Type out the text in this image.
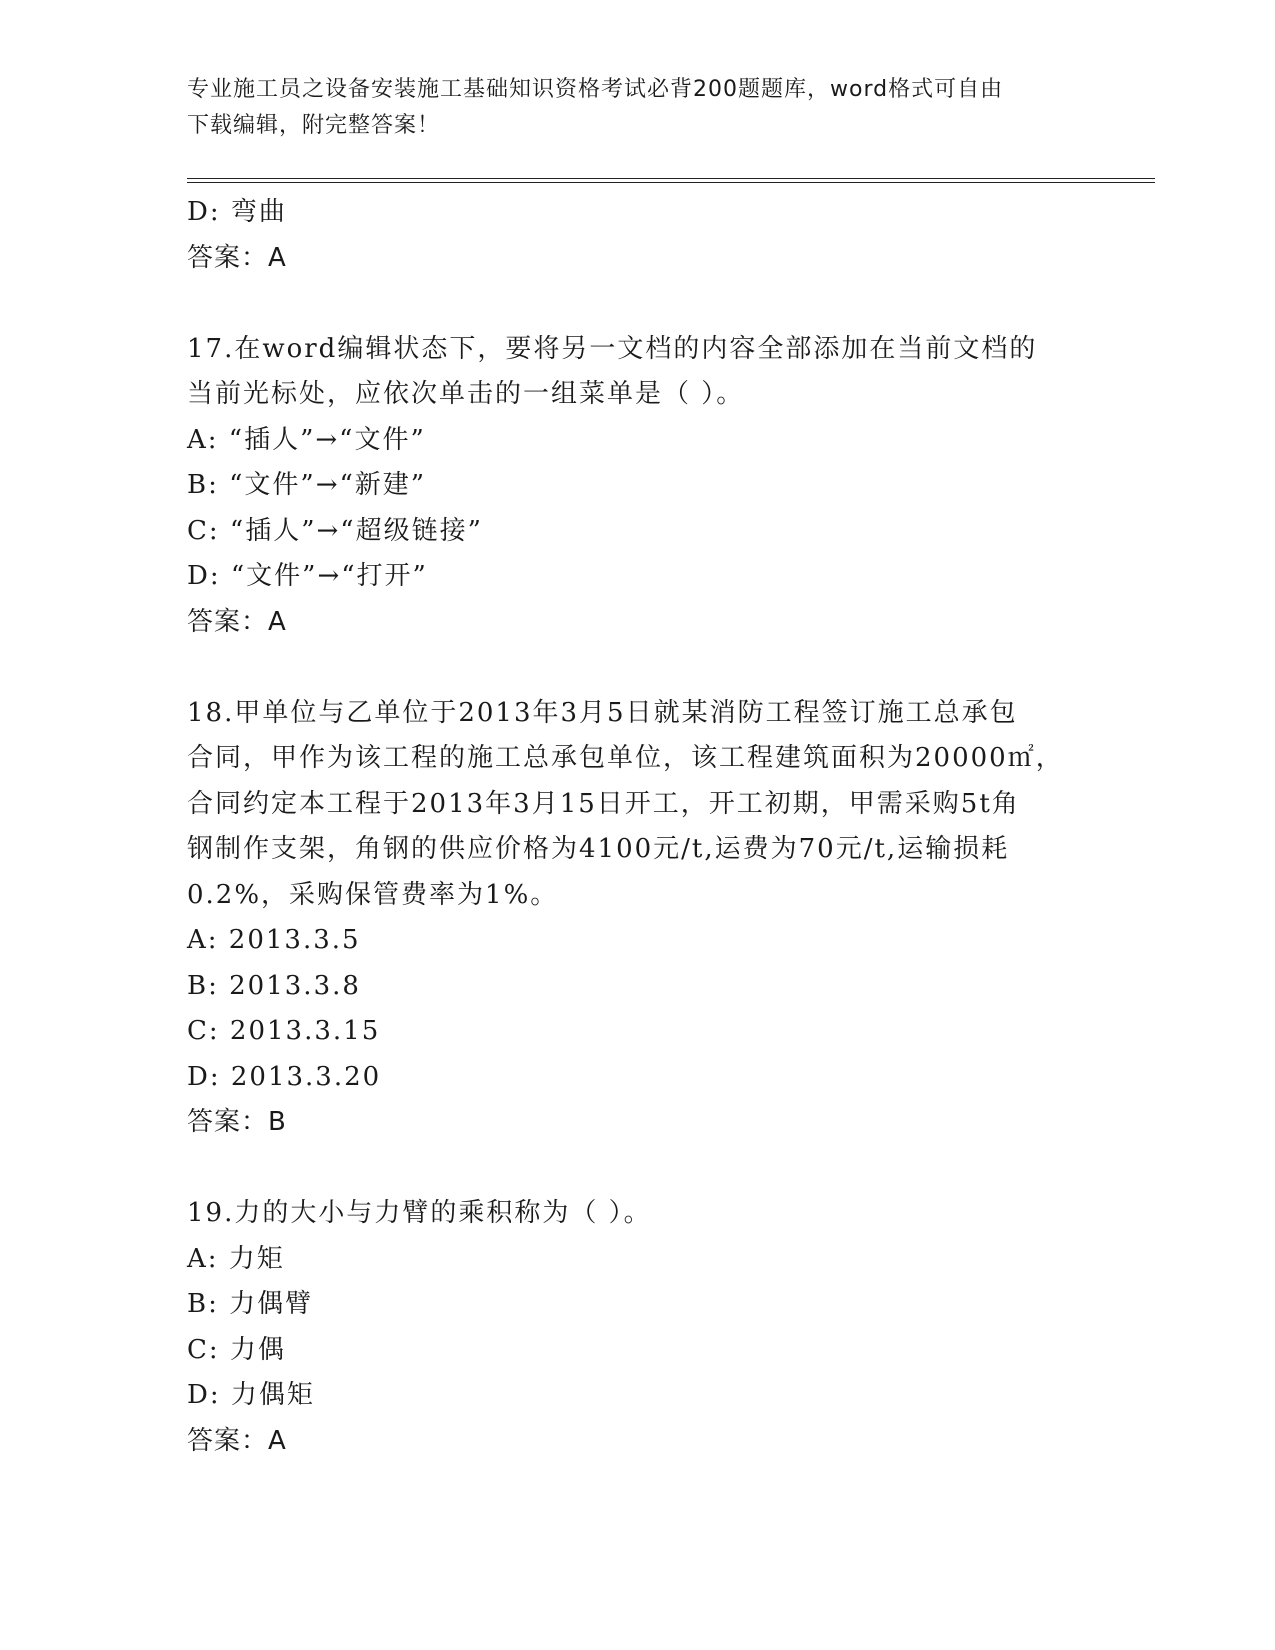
专业施工员之设备安装施工基础知识资格考试必背200题题库，word格式可自由
下载编辑，附完整答案！
D: 弯曲
答案：A
17.在word编辑状态下，要将另一文档的内容全部添加在当前文档的
当前光标处，应依次单击的一组菜单是（ ）。
A: “插人”→“文件”
B: “文件”→“新建”
C: “插人”→“超级链接”
D: “文件”→“打开”
答案：A
18.甲单位与乙单位于2013年3月5日就某消防工程签订施工总承包
合同，甲作为该工程的施工总承包单位，该工程建筑面积为20000㎡，
合同约定本工程于2013年3月15日开工，开工初期，甲需采购5t角
钢制作支架，角钢的供应价格为4100元/t,运费为70元/t,运输损耗
0.2%，采购保管费率为1%。
A: 2013.3.5
B: 2013.3.8
C: 2013.3.15
D: 2013.3.20
答案：B
19.力的大小与力臂的乘积称为（ ）。
A: 力矩
B: 力偶臂
C: 力偶
D: 力偶矩
答案：A
